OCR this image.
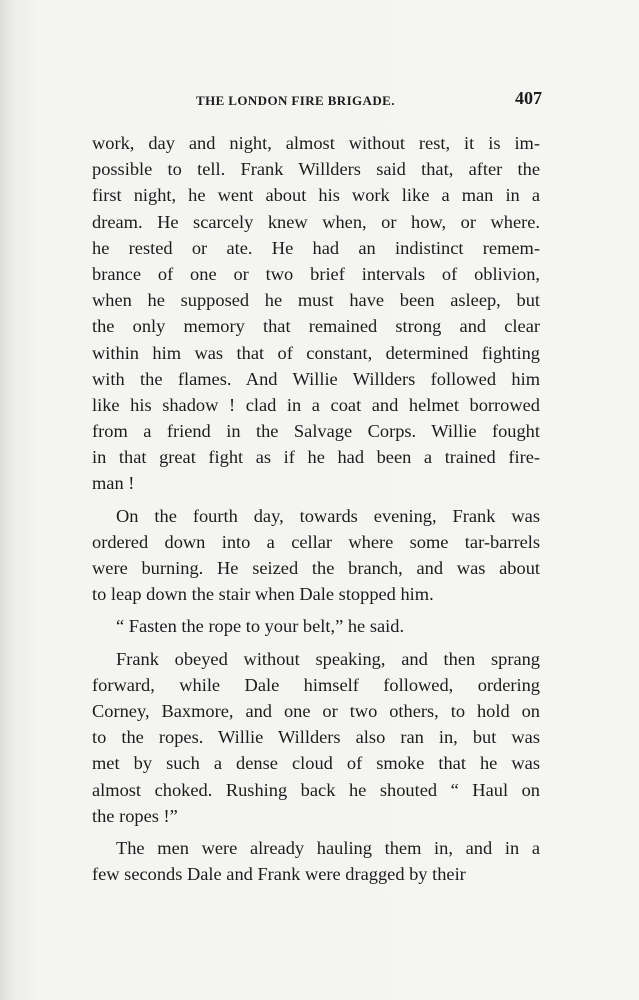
THE LONDON FIRE BRIGADE.	407
work, day and night, almost without rest, it is im-
possible to tell. Frank Willders said that, after the
first night, he went about his work like a man in a
dream. He scarcely knew when, or how, or where.
he rested or ate. He had an indistinct remem-
brance of one or two brief intervals of oblivion,
when he supposed he must have been asleep, but
the only memory that remained strong and clear
within him was that of constant, determined fighting
with the flames. And Willie Willders followed him
like his shadow ! clad in a coat and helmet borrowed
from a friend in the Salvage Corps. Willie fought
in that great fight as if he had been a trained fire-
man !
On the fourth day, towards evening, Frank was
ordered down into a cellar where some tar-barrels
were burning. He seized the branch, and was about
to leap down the stair when Dale stopped him.
“ Fasten the rope to your belt,” he said.
Frank obeyed without speaking, and then sprang
forward, while Dale himself followed, ordering
Corney, Baxmore, and one or two others, to hold on
to the ropes. Willie Willders also ran in, but was
met by such a dense cloud of smoke that he was
almost choked. Rushing back he shouted “ Haul on
the ropes !”
The men were already hauling them in, and in a
few seconds Dale and Frank were dragged by their
